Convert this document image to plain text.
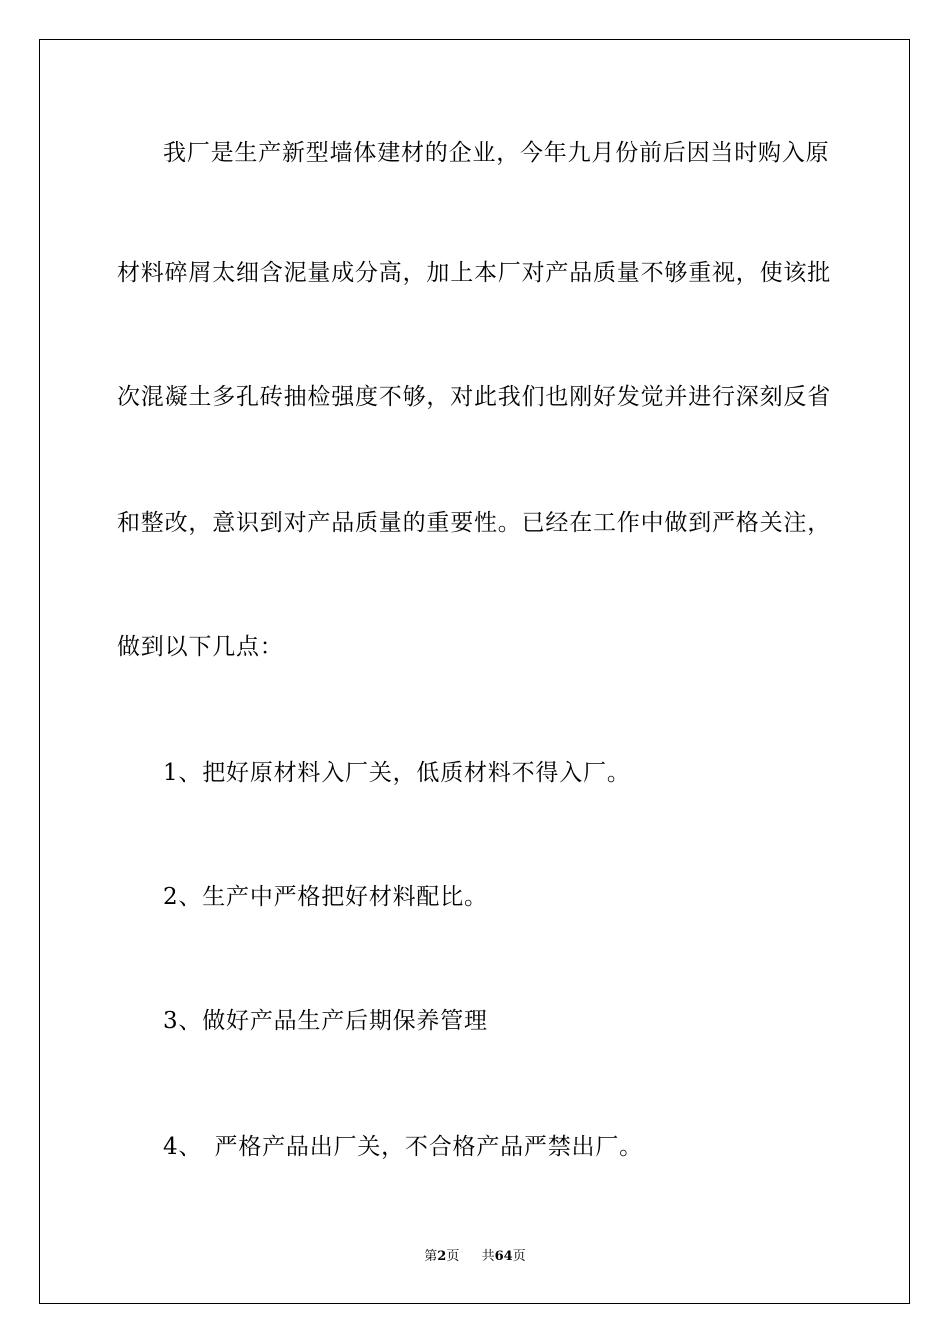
我厂是生产新型墙体建材的企业，今年九月份前后因当时购入原
材料碎屑太细含泥量成分高，加上本厂对产品质量不够重视，使该批
次混凝土多孔砖抽检强度不够，对此我们也刚好发觉并进行深刻反省
和整改，意识到对产品质量的重要性。已经在工作中做到严格关注，
做到以下几点：
1、把好原材料入厂关，低质材料不得入厂。
2、生产中严格把好材料配比。
3、做好产品生产后期保养管理
4、　严格产品出厂关，不合格产品严禁出厂。
第2页 共64页
